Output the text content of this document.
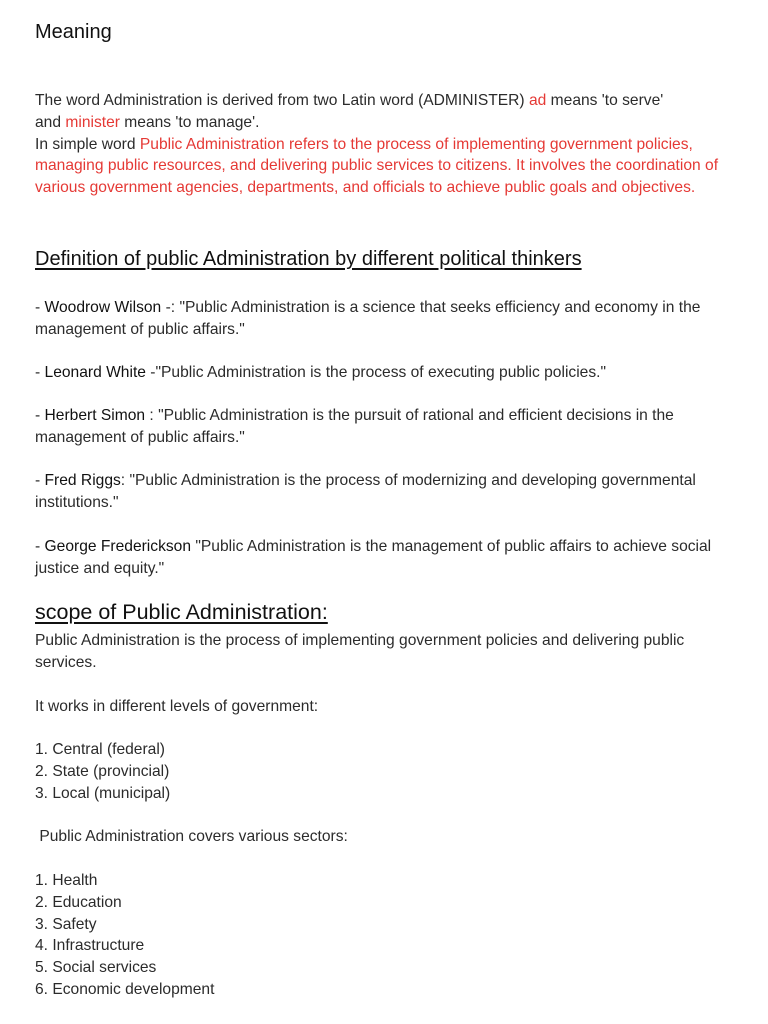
Meaning

The word Administration is derived from two Latin word (ADMINISTER) ad means 'to serve'
and minister means 'to manage'.
In simple word Public Administration refers to the process of implementing government policies, managing public resources, and delivering public services to citizens. It involves the coordination of various government agencies, departments, and officials to achieve public goals and objectives.

Definition of public Administration by different political thinkers

- Woodrow Wilson -: "Public Administration is a science that seeks efficiency and economy in the management of public affairs."

- Leonard White -"Public Administration is the process of executing public policies."

- Herbert Simon : "Public Administration is the pursuit of rational and efficient decisions in the management of public affairs."

- Fred Riggs: "Public Administration is the process of modernizing and developing governmental institutions."

- George Frederickson "Public Administration is the management of public affairs to achieve social justice and equity."

scope of Public Administration:

Public Administration is the process of implementing government policies and delivering public services.

It works in different levels of government:

1. Central (federal)
2. State (provincial)
3. Local (municipal)

Public Administration covers various sectors:

1. Health
2. Education
3. Safety
4. Infrastructure
5. Social services
6. Economic development
